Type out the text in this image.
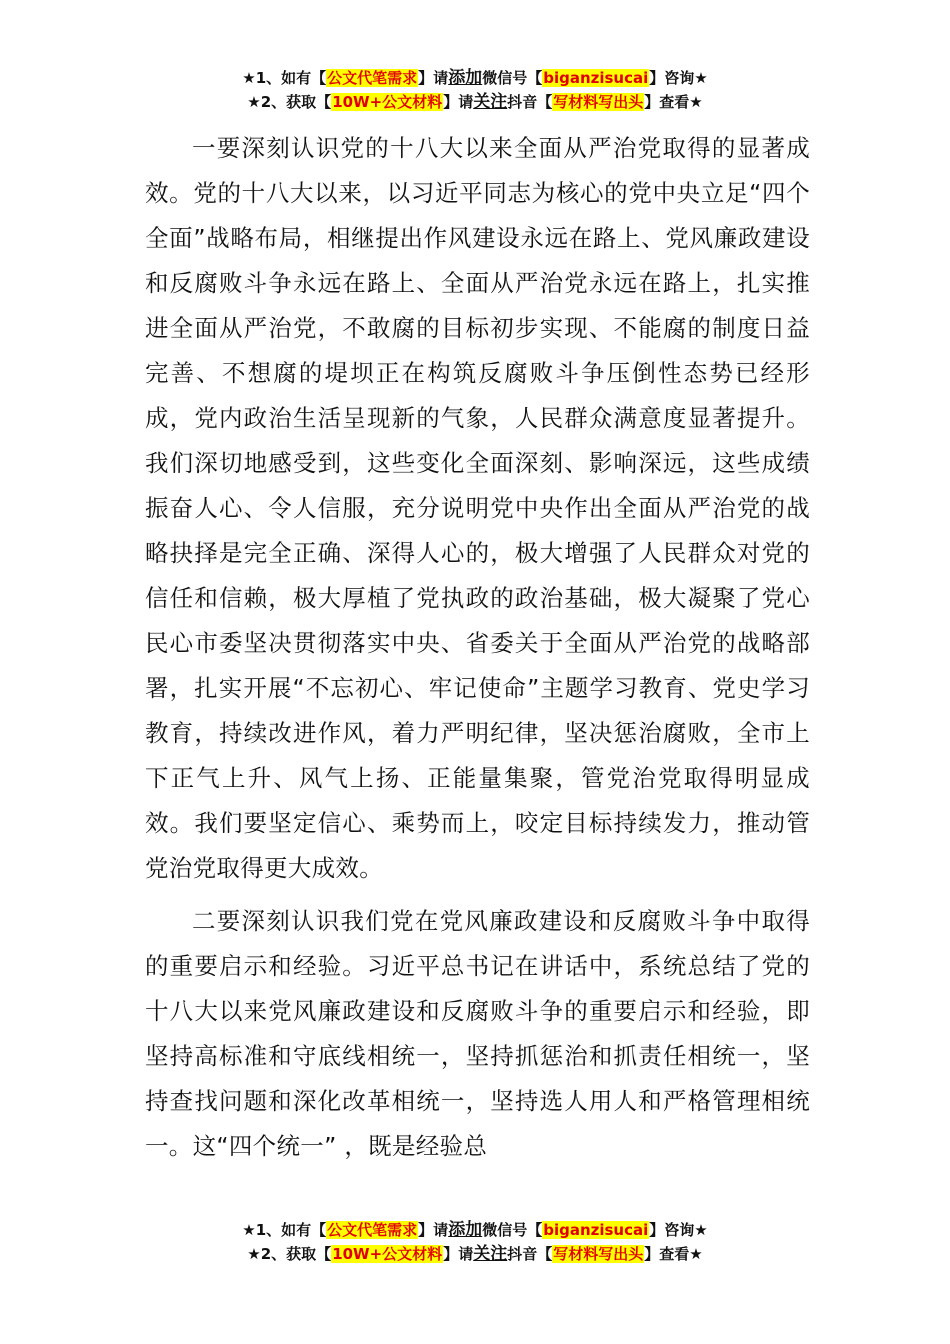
★1、如有【公文代笔需求】请添加微信号【biganzisucai】咨询★
★2、获取【10W+公文材料】请关注抖音【写材料写出头】查看★

一要深刻认识党的十八大以来全面从严治党取得的显著成效。党的十八大以来，以习近平同志为核心的党中央立足“四个全面”战略布局，相继提出作风建设永远在路上、党风廉政建设和反腐败斗争永远在路上、全面从严治党永远在路上，扎实推进全面从严治党，不敢腐的目标初步实现、不能腐的制度日益完善、不想腐的堤坝正在构筑反腐败斗争压倒性态势已经形成，党内政治生活呈现新的气象，人民群众满意度显著提升。我们深切地感受到，这些变化全面深刻、影响深远，这些成绩振奋人心、令人信服，充分说明党中央作出全面从严治党的战略抉择是完全正确、深得人心的，极大增强了人民群众对党的信任和信赖，极大厚植了党执政的政治基础，极大凝聚了党心民心市委坚决贯彻落实中央、省委关于全面从严治党的战略部署，扎实开展“不忘初心、牢记使命”主题学习教育、党史学习教育，持续改进作风，着力严明纪律，坚决惩治腐败，全市上下正气上升、风气上扬、正能量集聚，管党治党取得明显成效。我们要坚定信心、乘势而上，咬定目标持续发力，推动管党治党取得更大成效。

二要深刻认识我们党在党风廉政建设和反腐败斗争中取得的重要启示和经验。习近平总书记在讲话中，系统总结了党的十八大以来党风廉政建设和反腐败斗争的重要启示和经验，即坚持高标准和守底线相统一，坚持抓惩治和抓责任相统一，坚持查找问题和深化改革相统一，坚持选人用人和严格管理相统一。这“四个统一” ，既是经验总

★1、如有【公文代笔需求】请添加微信号【biganzisucai】咨询★
★2、获取【10W+公文材料】请关注抖音【写材料写出头】查看★
